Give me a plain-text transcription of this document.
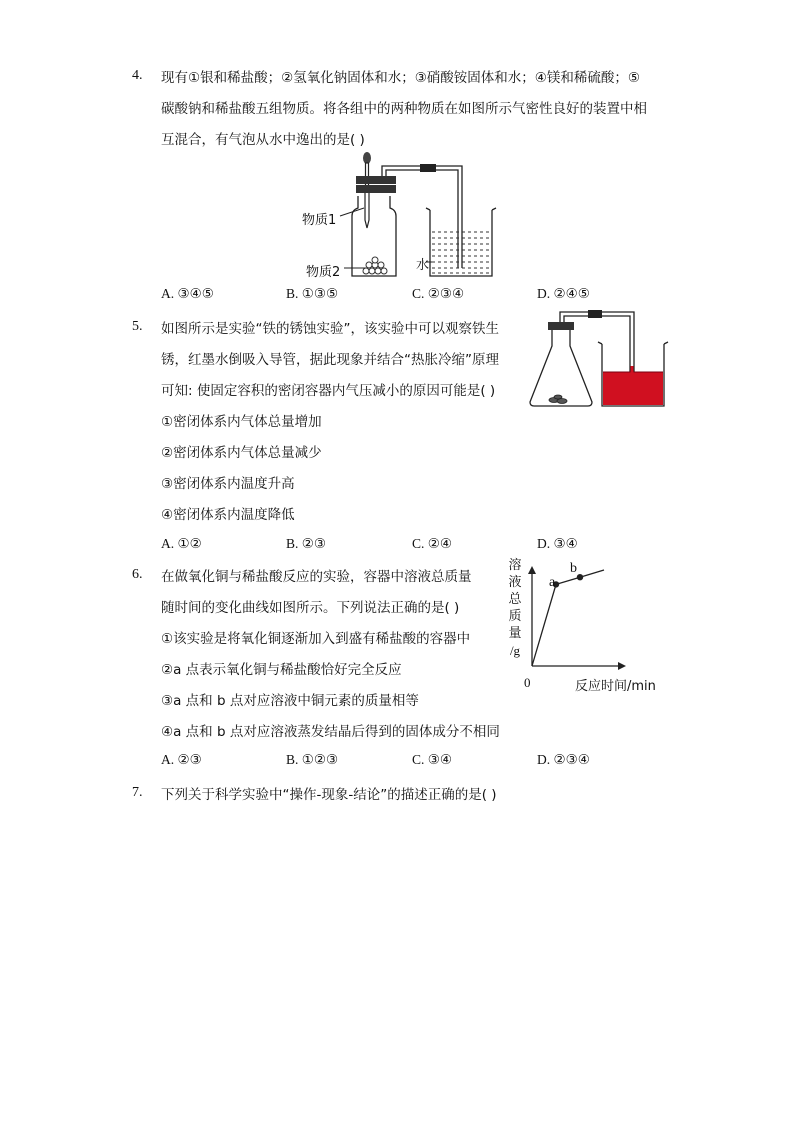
4. 现有①银和稀盐酸；②氢氧化钠固体和水；③硝酸铵固体和水；④镁和稀硫酸；⑤
碳酸钠和稀盐酸五组物质。将各组中的两种物质在如图所示气密性良好的装置中相
互混合，有气泡从水中逸出的是( )
物质1
物质2	水
A. ③④⑤	B. ①③⑤	C. ②③④	D. ②④⑤
5. 如图所示是实验“铁的锈蚀实验”，该实验中可以观察铁生
锈，红墨水倒吸入导管，据此现象并结合“热胀冷缩”原理
可知: 使固定容积的密闭容器内气压减小的原因可能是( )
①密闭体系内气体总量增加
②密闭体系内气体总量减少
③密闭体系内温度升高
④密闭体系内温度降低
A. ①②	B. ②③	C. ②④	D. ③④
6. 在做氧化铜与稀盐酸反应的实验，容器中溶液总质量
随时间的变化曲线如图所示。下列说法正确的是( )
①该实验是将氧化铜逐渐加入到盛有稀盐酸的容器中
②a 点表示氧化铜与稀盐酸恰好完全反应
③a 点和 b 点对应溶液中铜元素的质量相等
④a 点和 b 点对应溶液蒸发结晶后得到的固体成分不相同
溶
液
总
质
量
/g
0	反应时间/min
a
b
A. ②③	B. ①②③	C. ③④	D. ②③④
7. 下列关于科学实验中“操作-现象-结论”的描述正确的是( )
